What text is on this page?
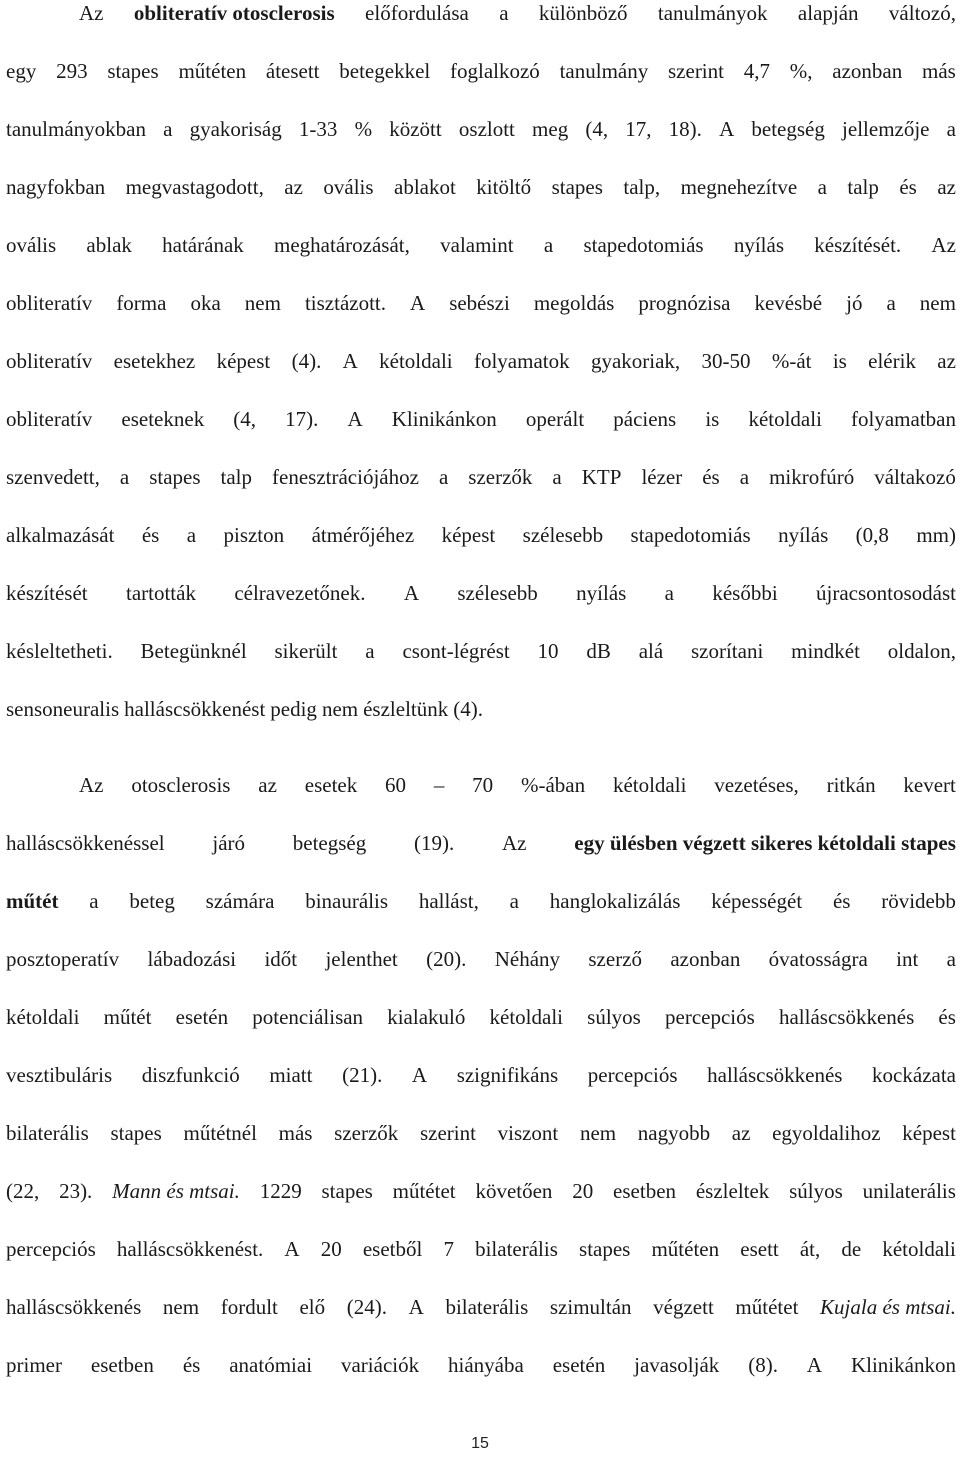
Az obliteratív otosclerosis előfordulása a különböző tanulmányok alapján változó,
egy 293 stapes műtéten átesett betegekkel foglalkozó tanulmány szerint 4,7 %, azonban más
tanulmányokban a gyakoriság 1-33 % között oszlott meg (4, 17, 18). A betegség jellemzője a
nagyfokban megvastagodott, az ovális ablakot kitöltő stapes talp, megnehezítve a talp és az
ovális ablak határának meghatározását, valamint a stapedotomiás nyílás készítését. Az
obliteratív forma oka nem tisztázott. A sebészi megoldás prognózisa kevésbé jó a nem
obliteratív esetekhez képest (4). A kétoldali folyamatok gyakoriak, 30-50 %-át is elérik az
obliteratív eseteknek (4, 17). A Klinikánkon operált páciens is kétoldali folyamatban
szenvedett, a stapes talp fenesztrációjához a szerzők a KTP lézer és a mikrofúró váltakozó
alkalmazását és a piszton átmérőjéhez képest szélesebb stapedotomiás nyílás (0,8 mm)
készítését tartották célravezetőnek. A szélesebb nyílás a későbbi újracsontosodást
késleltetheti. Betegünknél sikerült a csont-légrést 10 dB alá szorítani mindkét oldalon,
sensoneuralis halláscsökkenést pedig nem észleltünk (4).
Az otosclerosis az esetek 60 – 70 %-ában kétoldali vezetéses, ritkán kevert
halláscsökkenéssel járó betegség (19). Az egy ülésben végzett sikeres kétoldali stapes
műtét a beteg számára binaurális hallást, a hanglokalizálás képességét és rövidebb
posztoperatív lábadozási időt jelenthet (20). Néhány szerző azonban óvatosságra int a
kétoldali műtét esetén potenciálisan kialakuló kétoldali súlyos percepciós halláscsökkenés és
vesztibuláris diszfunkció miatt (21). A szignifikáns percepciós halláscsökkenés kockázata
bilaterális stapes műtétnél más szerzők szerint viszont nem nagyobb az egyoldalihoz képest
(22, 23). Mann és mtsai. 1229 stapes műtétet követően 20 esetben észleltek súlyos unilaterális
percepciós halláscsökkenést. A 20 esetből 7 bilaterális stapes műtéten esett át, de kétoldali
halláscsökkenés nem fordult elő (24). A bilaterális szimultán végzett műtétet Kujala és mtsai.
primer esetben és anatómiai variációk hiányába esetén javasolják (8). A Klinikánkon
15
